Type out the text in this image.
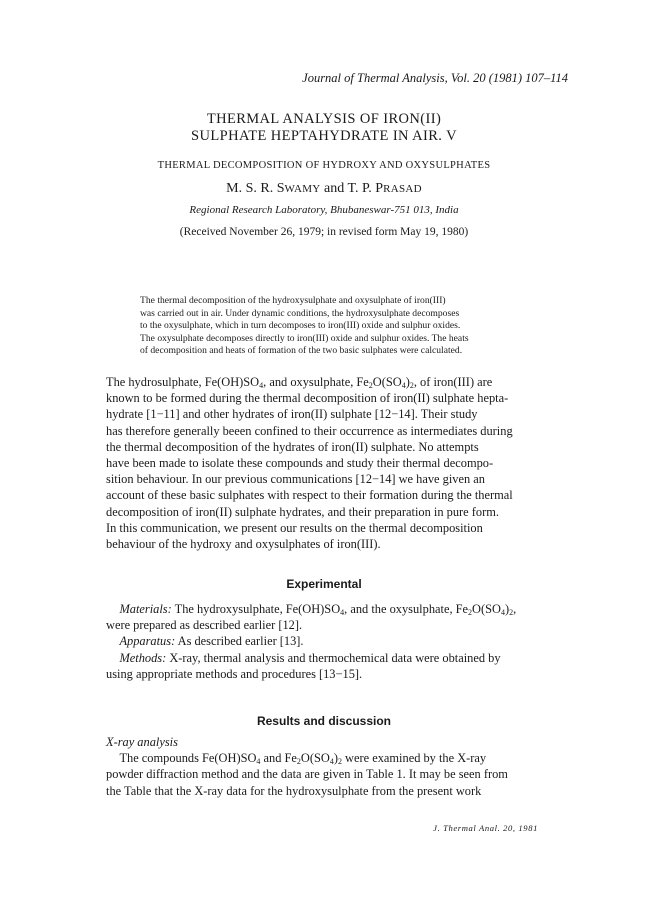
Journal of Thermal Analysis, Vol. 20 (1981) 107–114
THERMAL ANALYSIS OF IRON(II)
SULPHATE HEPTAHYDRATE IN AIR. V
THERMAL DECOMPOSITION OF HYDROXY AND OXYSULPHATES
M. S. R. SWAMY and T. P. PRASAD
Regional Research Laboratory, Bhubaneswar-751 013, India
(Received November 26, 1979; in revised form May 19, 1980)
The thermal decomposition of the hydroxysulphate and oxysulphate of iron(III)
was carried out in air. Under dynamic conditions, the hydroxysulphate decomposes
to the oxysulphate, which in turn decomposes to iron(III) oxide and sulphur oxides.
The oxysulphate decomposes directly to iron(III) oxide and sulphur oxides. The heats
of decomposition and heats of formation of the two basic sulphates were calculated.
The hydrosulphate, $Fe(OH)SO_4$, and oxysulphate, $Fe_2O(SO_4)_2$, of iron(III) are
known to be formed during the thermal decomposition of iron(II) sulphate hepta-
hydrate [1−11] and other hydrates of iron(II) sulphate [12−14]. Their study
has therefore generally beeen confined to their occurrence as intermediates during
the thermal decomposition of the hydrates of iron(II) sulphate. No attempts
have been made to isolate these compounds and study their thermal decompo-
sition behaviour. In our previous communications [12−14] we have given an
account of these basic sulphates with respect to their formation during the thermal
decomposition of iron(II) sulphate hydrates, and their preparation in pure form.
In this communication, we present our results on the thermal decomposition
behaviour of the hydroxy and oxysulphates of iron(III).
Experimental
  Materials: The hydroxysulphate, $Fe(OH)SO_4$, and the oxysulphate, $Fe_2O(SO_4)_2$,
were prepared as described earlier [12].
  Apparatus: As described earlier [13].
  Methods: X-ray, thermal analysis and thermochemical data were obtained by
using appropriate methods and procedures [13−15].
Results and discussion
X-ray analysis
  The compounds $Fe(OH)SO_4$ and $Fe_2O(SO_4)_2$ were examined by the X-ray
powder diffraction method and the data are given in Table 1. It may be seen from
the Table that the X-ray data for the hydroxysulphate from the present work
J. Thermal Anal. 20, 1981
